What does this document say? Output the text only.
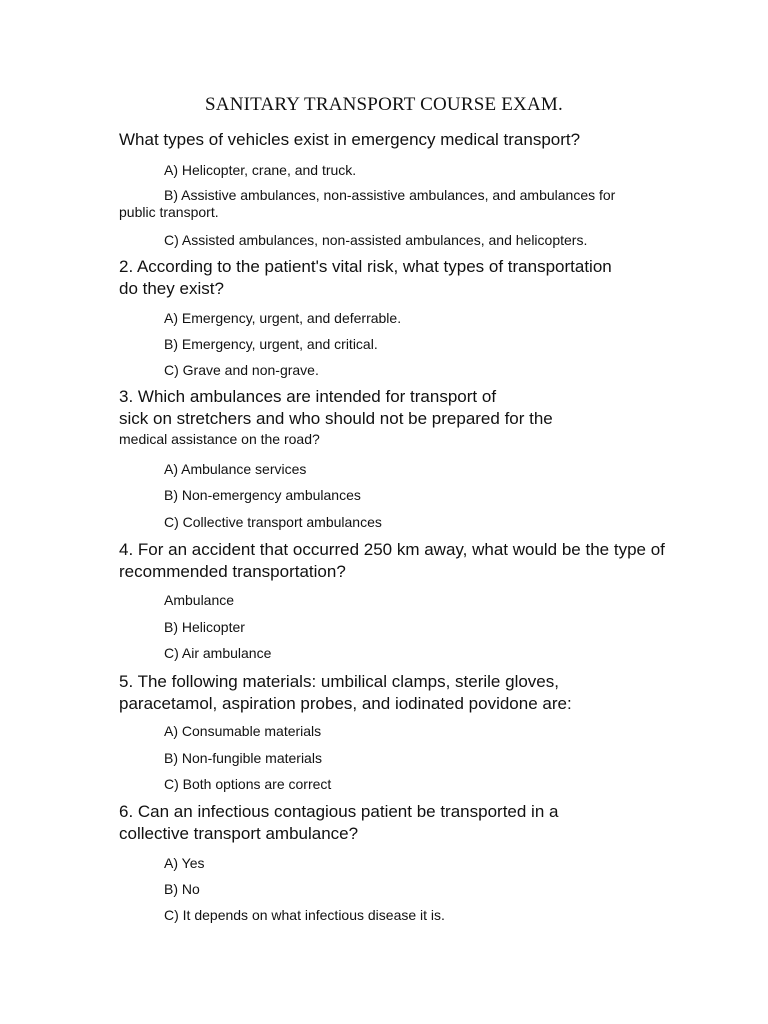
SANITARY TRANSPORT COURSE EXAM.
What types of vehicles exist in emergency medical transport?
A) Helicopter, crane, and truck.
B) Assistive ambulances, non-assistive ambulances, and ambulances for public transport.
C) Assisted ambulances, non-assisted ambulances, and helicopters.
2. According to the patient's vital risk, what types of transportation
do they exist?
A) Emergency, urgent, and deferrable.
B) Emergency, urgent, and critical.
C) Grave and non-grave.
3. Which ambulances are intended for transport of
sick on stretchers and who should not be prepared for the
medical assistance on the road?
A) Ambulance services
B) Non-emergency ambulances
C) Collective transport ambulances
4. For an accident that occurred 250 km away, what would be the type of
recommended transportation?
Ambulance
B) Helicopter
C) Air ambulance
5. The following materials: umbilical clamps, sterile gloves,
paracetamol, aspiration probes, and iodinated povidone are:
A) Consumable materials
B) Non-fungible materials
C) Both options are correct
6. Can an infectious contagious patient be transported in a
collective transport ambulance?
A) Yes
B) No
C) It depends on what infectious disease it is.
